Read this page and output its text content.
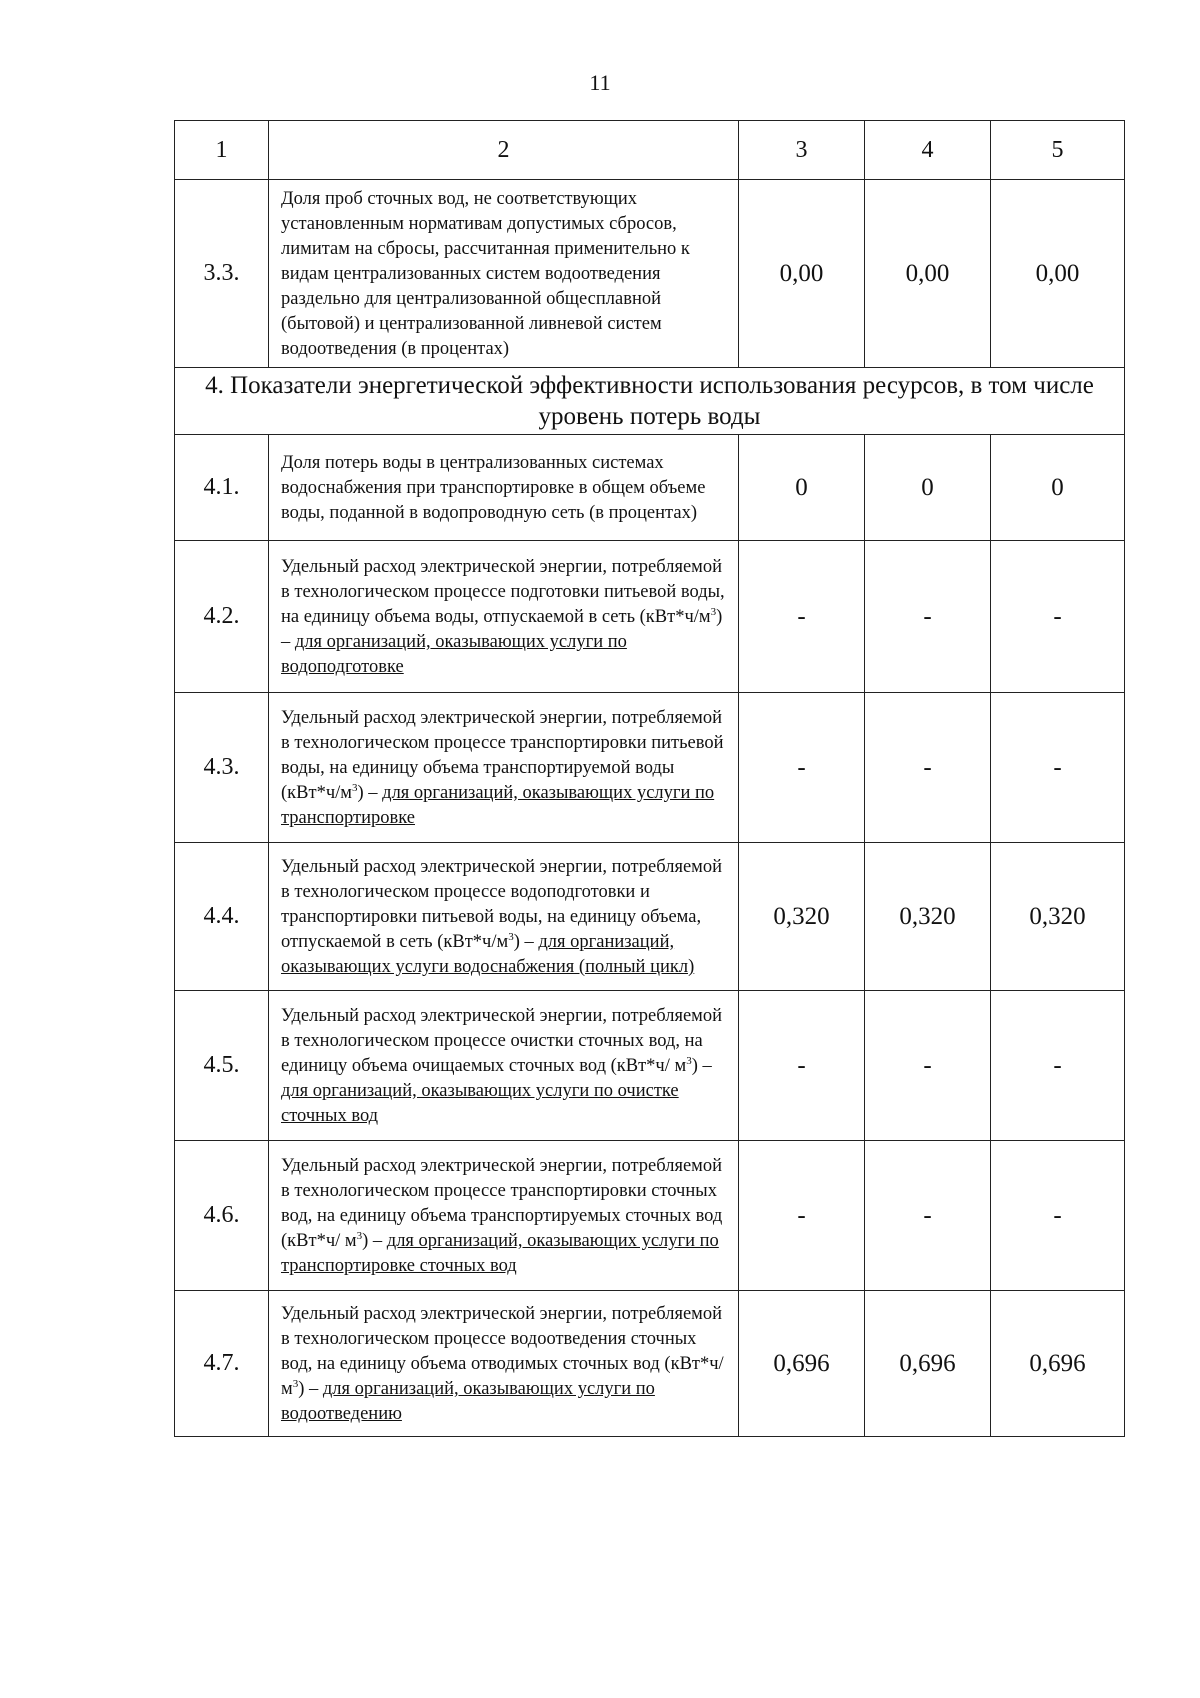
11
1	2	3	4	5
3.3.	Доля проб сточных вод, не соответствующих установленным нормативам допустимых сбросов, лимитам на сбросы, рассчитанная применительно к видам централизованных систем водоотведения раздельно для централизованной общесплавной (бытовой) и централизованной ливневой систем водоотведения (в процентах)	0,00	0,00	0,00
4. Показатели энергетической эффективности использования ресурсов, в том числе уровень потерь воды				
4.1.	Доля потерь воды в централизованных системах водоснабжения при транспортировке в общем объеме воды, поданной в водопроводную сеть (в процентах)	0	0	0
4.2.	Удельный расход электрической энергии, потребляемой в технологическом процессе подготовки питьевой воды, на единицу объема воды, отпускаемой в сеть $(кВт*ч/м^3)$ – для организаций, оказывающих услуги по водоподготовке	-	-	-
4.3.	Удельный расход электрической энергии, потребляемой в технологическом процессе транспортировки питьевой воды, на единицу объема транспортируемой воды $(кВт*ч/м^3)$ – для организаций, оказывающих услуги по транспортировке	-	-	-
4.4.	Удельный расход электрической энергии, потребляемой в технологическом процессе водоподготовки и транспортировки питьевой воды, на единицу объема, отпускаемой в сеть $(кВт*ч/м^3)$ – для организаций, оказывающих услуги водоснабжения (полный цикл)	0,320	0,320	0,320
4.5.	Удельный расход электрической энергии, потребляемой в технологическом процессе очистки сточных вод, на единицу объема очищаемых сточных вод (кВт*ч/ $м^3$) – для организаций, оказывающих услуги по очистке сточных вод	-	-	-
4.6.	Удельный расход электрической энергии, потребляемой в технологическом процессе транспортировки сточных вод, на единицу объема транспортируемых сточных вод (кВт*ч/ $м^3$) – для организаций, оказывающих услуги по транспортировке сточных вод	-	-	-
4.7.	Удельный расход электрической энергии, потребляемой в технологическом процессе водоотведения сточных вод, на единицу объема отводимых сточных вод (кВт*ч/ $м^3$) – для организаций, оказывающих услуги по водоотведению	0,696	0,696	0,696
